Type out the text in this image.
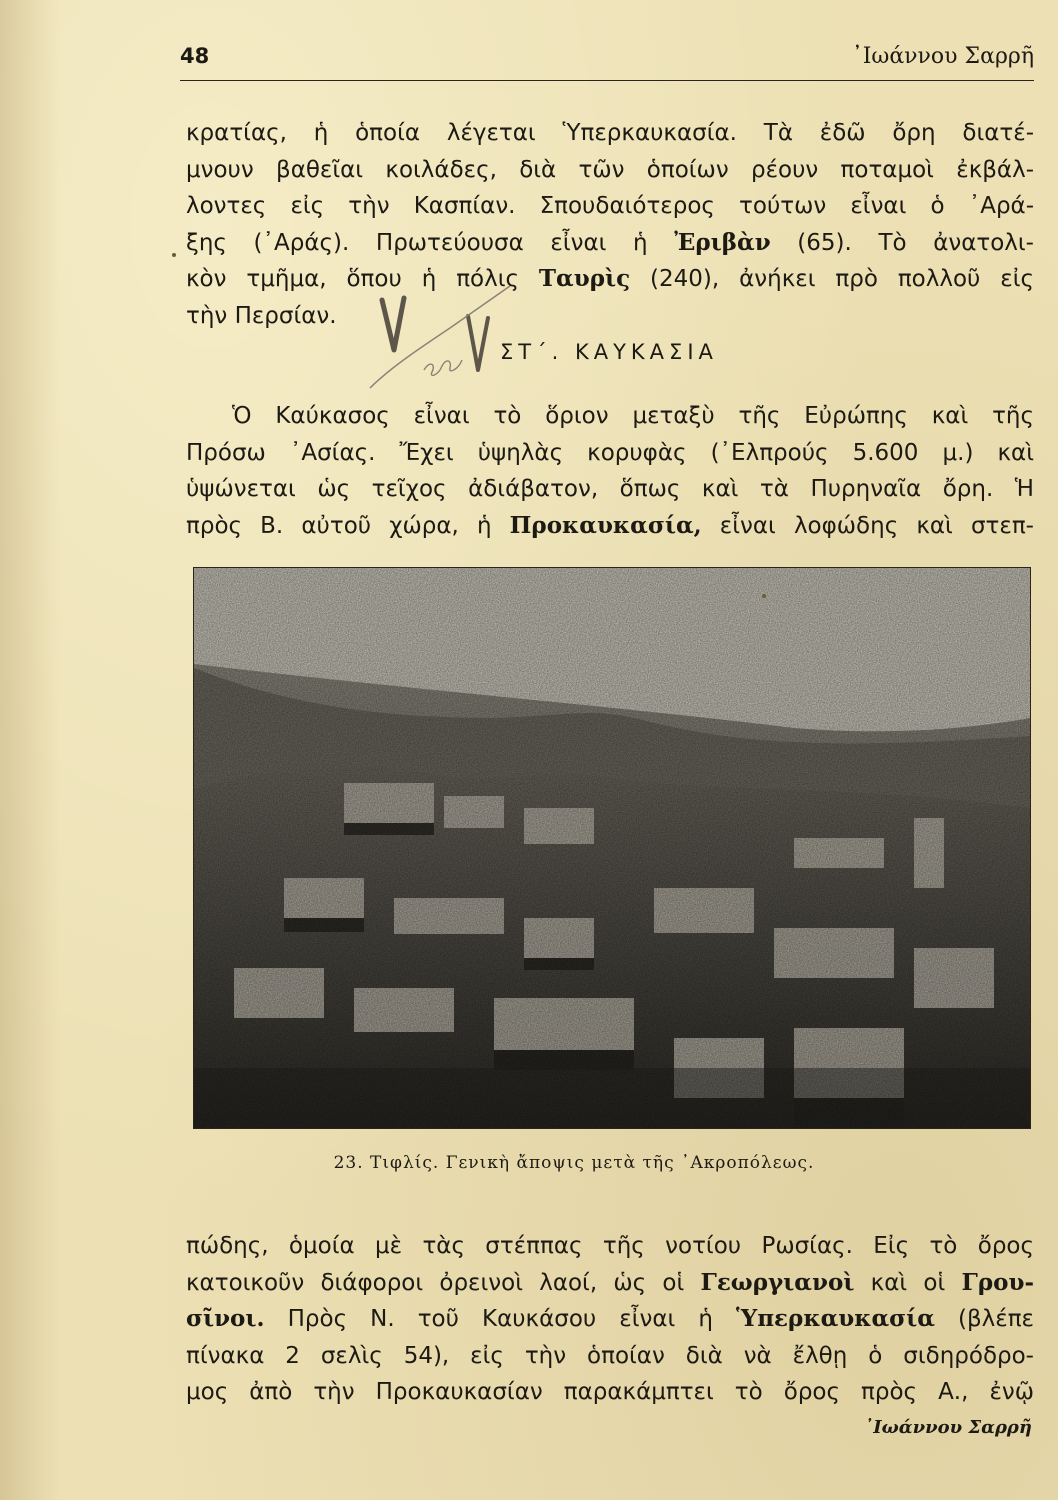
48	᾿Ιωάννου Σαρρῆ
κρατίας, ἡ ὁποία λέγεται Ὑπερκαυκασία. Τὰ ἐδῶ ὄρη διατέ-
μνουν βαθεῖαι κοιλάδες, διὰ τῶν ὁποίων ρέουν ποταμοὶ ἐκβάλ-
λοντες εἰς τὴν Κασπίαν. Σπουδαιότερος τούτων εἶναι ὁ ᾿Αρά-
ξης (᾿Αράς). Πρωτεύουσα εἶναι ἡ Ἐριβὰν (65). Τὸ ἀνατολι-
κὸν τμῆμα, ὅπου ἡ πόλις Ταυρὶς (240), ἀνήκει πρὸ πολλοῦ εἰς
τὴν Περσίαν.
ΣΤ΄. ΚΑΥΚΑΣΙΑ
Ὁ Καύκασος εἶναι τὸ ὅριον μεταξὺ τῆς Εὐρώπης καὶ τῆς
Πρόσω ᾿Ασίας. Ἔχει ὑψηλὰς κορυφὰς (᾿Ελπρούς 5.600 μ.) καὶ
ὑψώνεται ὡς τεῖχος ἀδιάβατον, ὅπως καὶ τὰ Πυρηναῖα ὄρη. Ἡ
πρὸς Β. αὐτοῦ χώρα, ἡ Προκαυκασία, εἶναι λοφώδης καὶ στεπ-
23. Τιφλίς. Γενικὴ ἄποψις μετὰ τῆς ᾿Ακροπόλεως.
πώδης, ὁμοία μὲ τὰς στέππας τῆς νοτίου Ρωσίας. Εἰς τὸ ὄρος
κατοικοῦν διάφοροι ὀρεινοὶ λαοί, ὡς οἱ Γεωργιανοὶ καὶ οἱ Γρου-
σῖνοι. Πρὸς Ν. τοῦ Καυκάσου εἶναι ἡ Ὑπερκαυκασία (βλέπε
πίνακα 2 σελὶς 54), εἰς τὴν ὁποίαν διὰ νὰ ἔλθῃ ὁ σιδηρόδρο-
μος ἀπὸ τὴν Προκαυκασίαν παρακάμπτει τὸ ὄρος πρὸς Α., ἐνῷ
᾿Ιωάννου Σαρρῆ
